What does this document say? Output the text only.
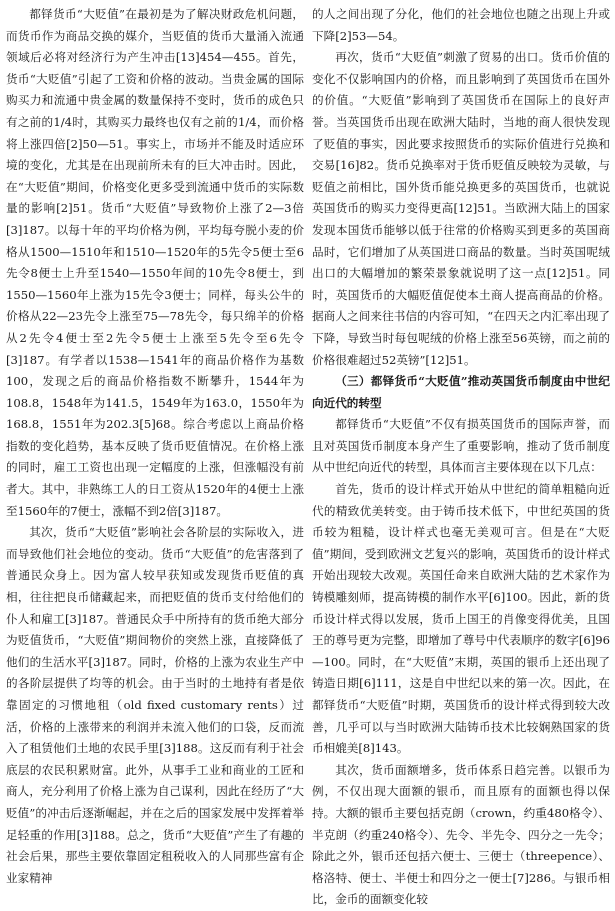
都铎货币“大贬值”在最初是为了解决财政危机问题，而货币作为商品交换的媒介，当贬值的货币大量涌入流通领域后必将对经济行为产生冲击[13]454—455。首先，货币“大贬值”引起了工资和价格的波动。当贵金属的国际购买力和流通中贵金属的数量保持不变时，货币的成色只有之前的1/4时，其购买力最终也仅有之前的1/4，而价格将上涨四倍[2]50—51。事实上，市场并不能及时适应环境的变化，尤其是在出现前所未有的巨大冲击时。因此，在“大贬值”期间，价格变化更多受到流通中货币的实际数量的影响[2]51。货币“大贬值”导致物价上涨了2—3倍[3]187。以每十年的平均价格为例，平均每夸脱小麦的价格从1500—1510年和1510—1520年的5先令5便士至6先令8便士上升至1540—1550年间的10先令8便士，到1550—1560年上涨为15先令3便士；同样，每头公牛的价格从22—23先令上涨至75—78先令，每只绵羊的价格从2先令4便士至2先令5便士上涨至5先令至6先令[3]187。有学者以1538—1541年的商品价格作为基数100，发现之后的商品价格指数不断攀升，1544年为108.8，1548年为141.5，1549年为163.0，1550年为168.8，1551年为202.3[5]68。综合考虑以上商品价格指数的变化趋势，基本反映了货币贬值情况。在价格上涨的同时，雇工工资也出现一定幅度的上涨，但涨幅没有前者大。其中，非熟练工人的日工资从1520年的4便士上涨至1560年的7便士，涨幅不到2倍[3]187。

其次，货币“大贬值”影响社会各阶层的实际收入，进而导致他们社会地位的变动。货币“大贬值”的危害落到了普通民众身上。因为富人较早获知或发现货币贬值的真相，往往把良币储藏起来，而把贬值的货币支付给他们的仆人和雇工[3]187。普通民众手中所持有的货币绝大部分为贬值货币，“大贬值”期间物价的突然上涨，直接降低了他们的生活水平[3]187。同时，价格的上涨为农业生产中的各阶层提供了均等的机会。由于当时的土地持有者是依靠固定的习惯地租（old fixed customary rents）过活，价格的上涨带来的利润并未流入他们的口袋，反而流入了租赁他们土地的农民手里[3]188。这反而有利于社会底层的农民积累财富。此外，从事手工业和商业的工匠和商人，充分利用了价格上涨为自己谋利，因此在经历了“大贬值”的冲击后逐渐崛起，并在之后的国家发展中发挥着举足轻重的作用[3]188。总之，货币“大贬值”产生了有趣的社会后果，那些主要依靠固定租税收入的人同那些富有企业家精神

的人之间出现了分化，他们的社会地位也随之出现上升或下降[2]53—54。

再次，货币“大贬值”刺激了贸易的出口。货币价值的变化不仅影响国内的价格，而且影响到了英国货币在国外的价值。“大贬值”影响到了英国货币在国际上的良好声誉。当英国货币出现在欧洲大陆时，当地的商人很快发现了贬值的事实，因此要求按照货币的实际价值进行兑换和交易[16]82。货币兑换率对于货币贬值反映较为灵敏，与贬值之前相比，国外货币能兑换更多的英国货币，也就说英国货币的购买力变得更高[12]51。当欧洲大陆上的国家发现本国货币能够以低于往常的价格购买到更多的英国商品时，它们增加了从英国进口商品的数量。当时英国呢绒出口的大幅增加的繁荣景象就说明了这一点[12]51。同时，英国货币的大幅贬值促使本土商人提高商品的价格。据商人之间来往书信的内容可知，“在四天之内汇率出现了下降，导致当时每包呢绒的价格上涨至56英镑，而之前的价格很难超过52英镑”[12]51。

（三）都铎货币“大贬值”推动英国货币制度由中世纪向近代的转型

都铎货币“大贬值”不仅有损英国货币的国际声誉，而且对英国货币制度本身产生了重要影响，推动了货币制度从中世纪向近代的转型，具体而言主要体现在以下几点：

首先，货币的设计样式开始从中世纪的简单粗糙向近代的精致优美转变。由于铸币技术低下，中世纪英国的货币较为粗糙，设计样式也毫无美观可言。但是在“大贬值”期间，受到欧洲文艺复兴的影响，英国货币的设计样式开始出现较大改观。英国任命来自欧洲大陆的艺术家作为铸模雕刻师，提高铸模的制作水平[6]100。因此，新的货币设计样式得以发展，货币上国王的肖像变得优美，且国王的尊号更为完整，即增加了尊号中代表顺序的数字[6]96—100。同时，在“大贬值”末期，英国的银币上还出现了铸造日期[6]111，这是自中世纪以来的第一次。因此，在都铎货币“大贬值”时期，英国货币的设计样式得到较大改善，几乎可以与当时欧洲大陆铸币技术比较娴熟国家的货币相媲美[8]143。

其次，货币面额增多，货币体系日趋完善。以银币为例，不仅出现大面额的银币，而且原有的面额也得以保持。大额的银币主要包括克朗（crown，约重480格令）、半克朗（约重240格令）、先令、半先令、四分之一先令；除此之外，银币还包括六便士、三便士（threepence）、格洛特、便士、半便士和四分之一便士[7]286。与银币相比，金币的面额变化较
